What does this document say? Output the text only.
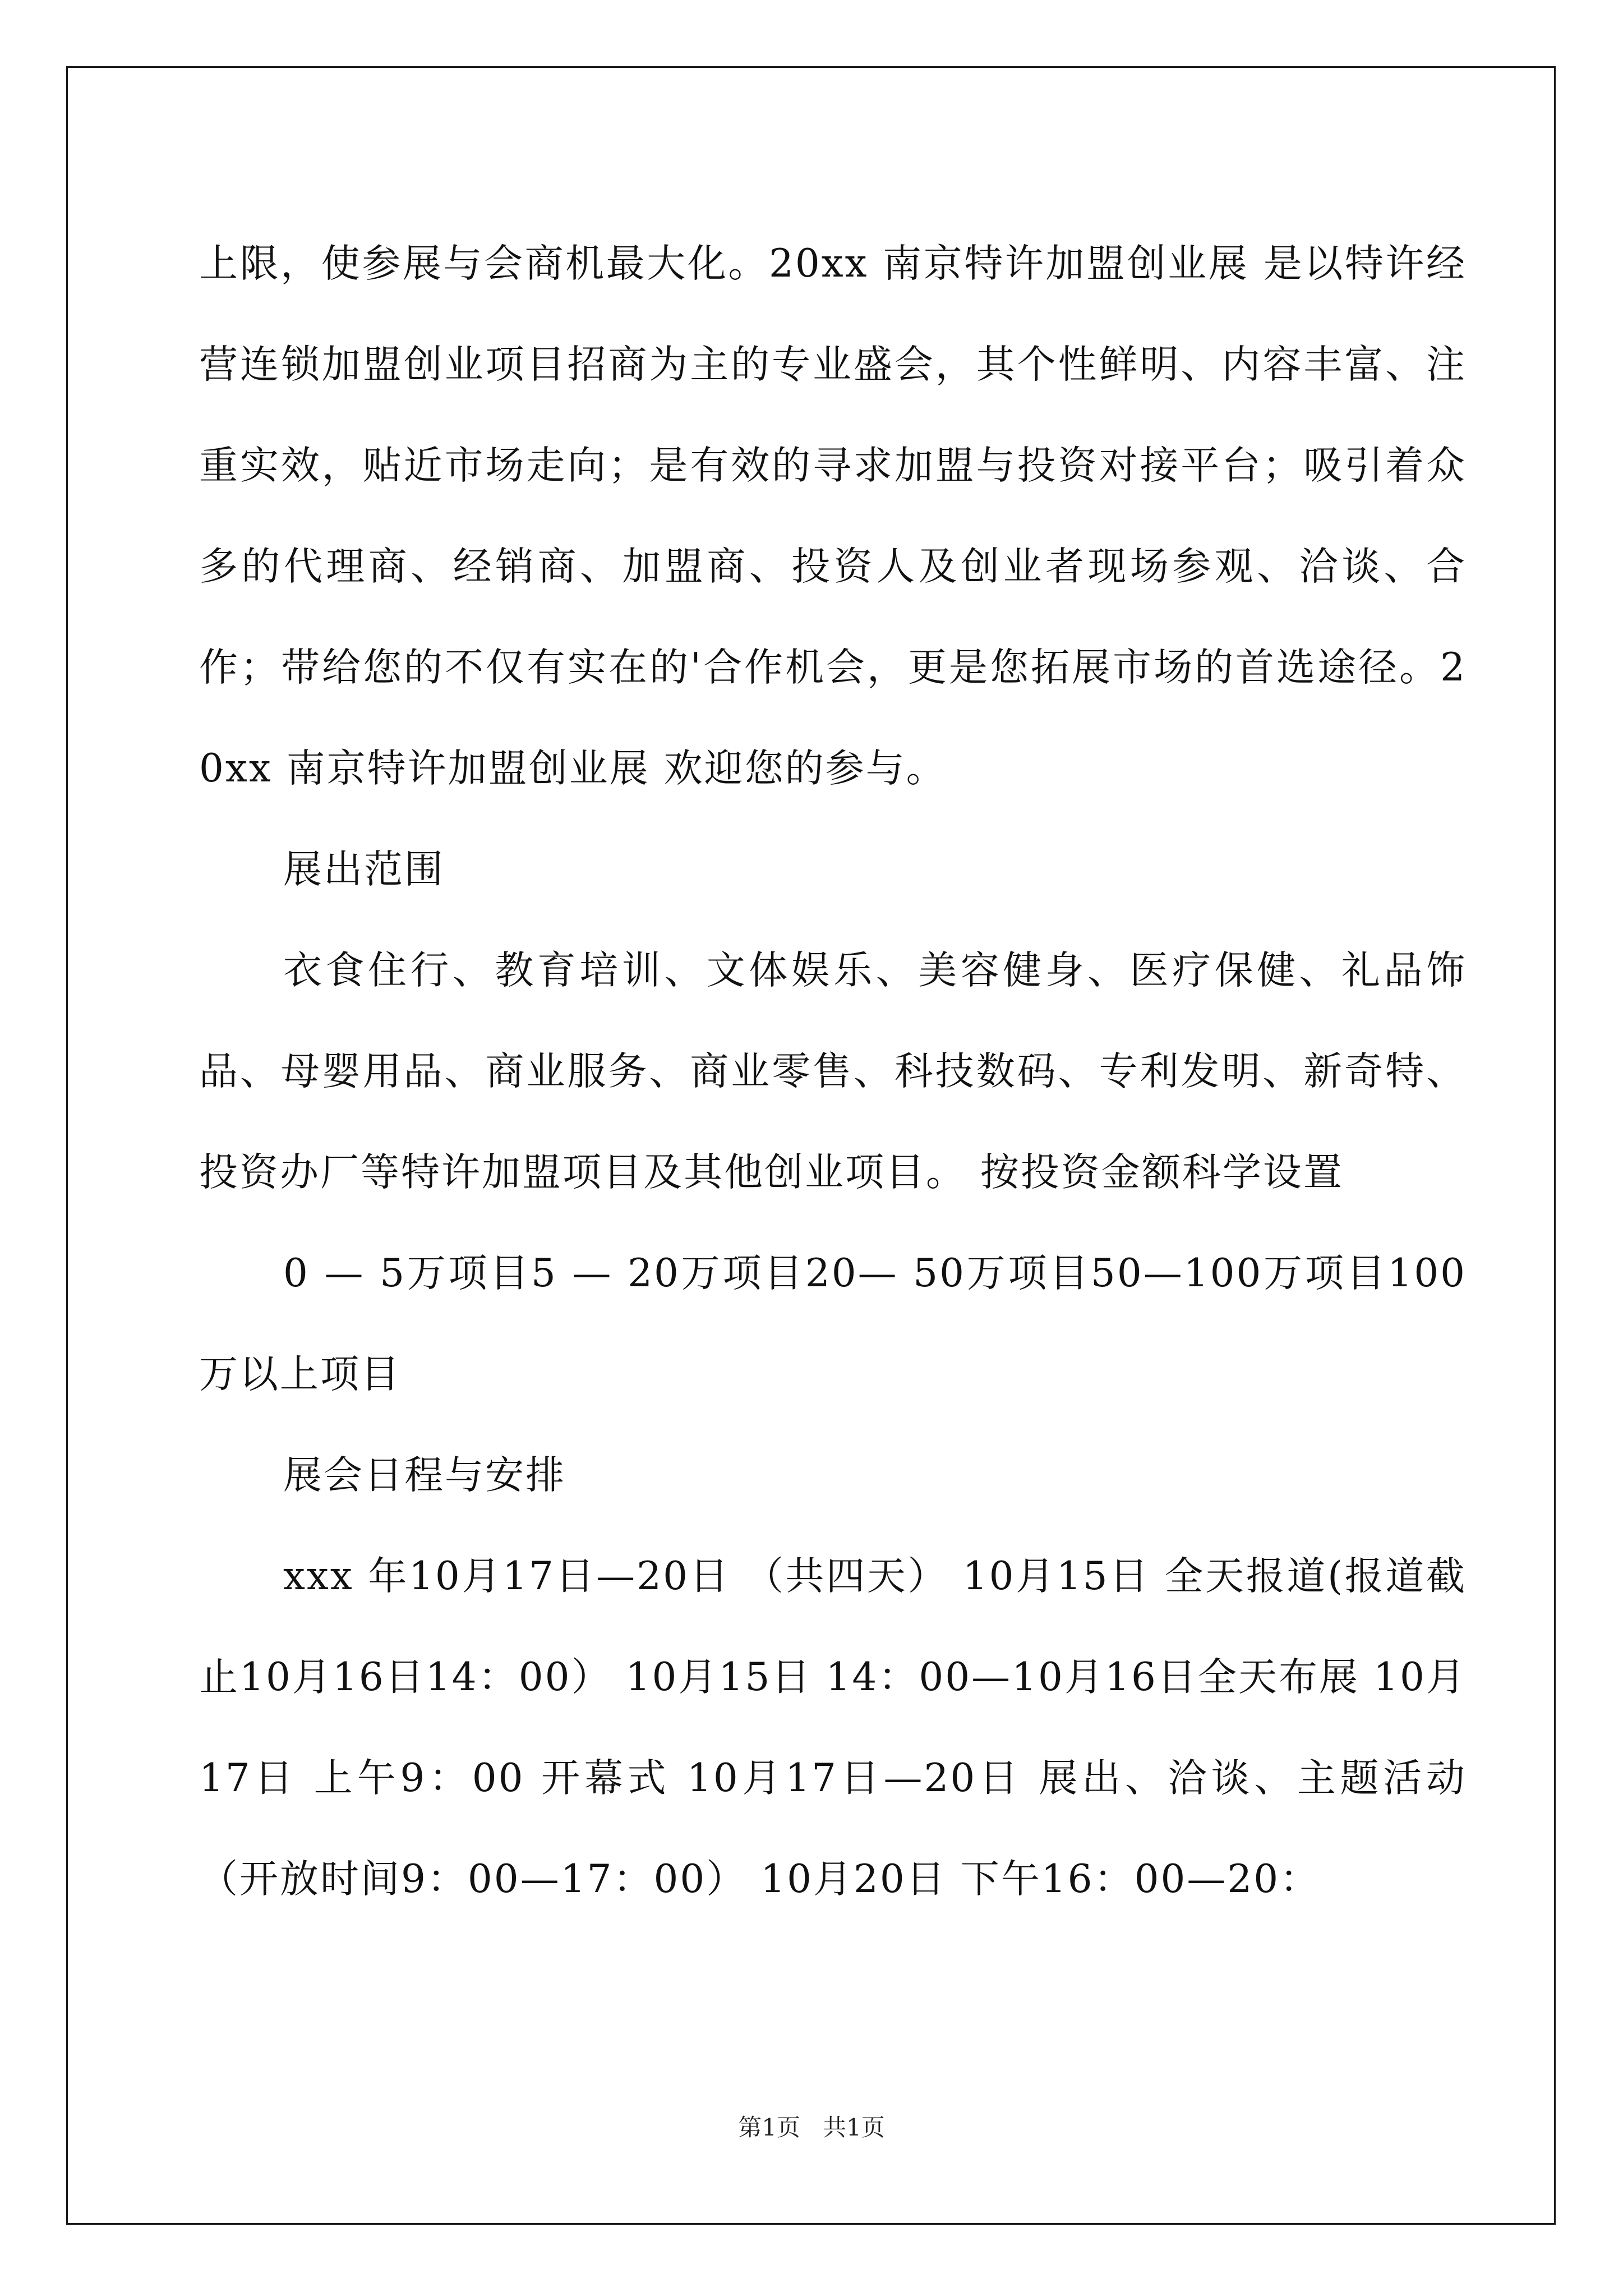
上限，使参展与会商机最大化。20xx 南京特许加盟创业展 是以特许经营连锁加盟创业项目招商为主的专业盛会，其个性鲜明、内容丰富、注重实效，贴近市场走向；是有效的寻求加盟与投资对接平台；吸引着众多的代理商、经销商、加盟商、投资人及创业者现场参观、洽谈、合作；带给您的不仅有实在的'合作机会，更是您拓展市场的首选途径。20xx 南京特许加盟创业展 欢迎您的参与。

展出范围

衣食住行、教育培训、文体娱乐、美容健身、医疗保健、礼品饰品、母婴用品、商业服务、商业零售、科技数码、专利发明、新奇特、投资办厂等特许加盟项目及其他创业项目。 按投资金额科学设置

0 — 5万项目5 — 20万项目20— 50万项目50—100万项目100万以上项目

展会日程与安排

xxx 年10月17日—20日 （共四天） 10月15日 全天报道(报道截止10月16日14：00） 10月15日 14：00—10月16日全天布展 10月17日 上午9：00 开幕式 10月17日—20日 展出、洽谈、主题活动（开放时间9：00—17：00） 10月20日 下午16：00—20：

第1页 共1页
